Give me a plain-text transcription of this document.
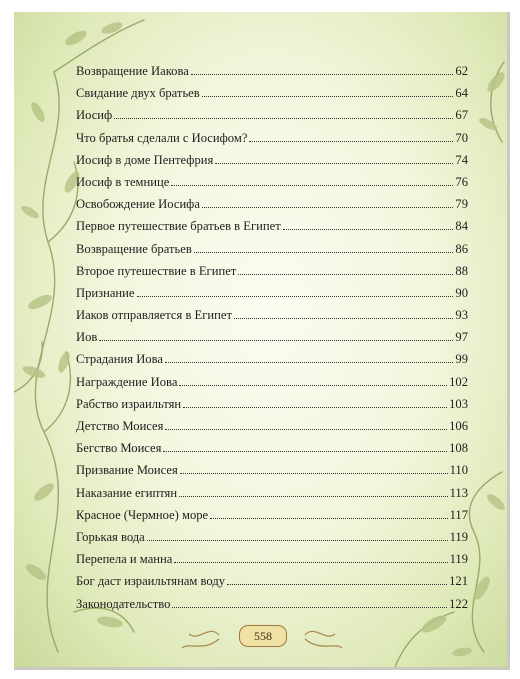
Возвращение Иакова	62
Свидание двух братьев	64
Иосиф	67
Что братья сделали с Иосифом?	70
Иосиф в доме Пентефрия	74
Иосиф в темнице	76
Освобождение Иосифа	79
Первое путешествие братьев в Египет	84
Возвращение братьев	86
Второе путешествие в Египет	88
Признание	90
Иаков отправляется в Египет	93
Иов	97
Страдания Иова	99
Награждение Иова	102
Рабство израильтян	103
Детство Моисея	106
Бегство Моисея	108
Призвание Моисея	110
Наказание египтян	113
Красное (Чермное) море	117
Горькая вода	119
Перепела и манна	119
Бог даст израильтянам воду	121
Законодательство	122
558
